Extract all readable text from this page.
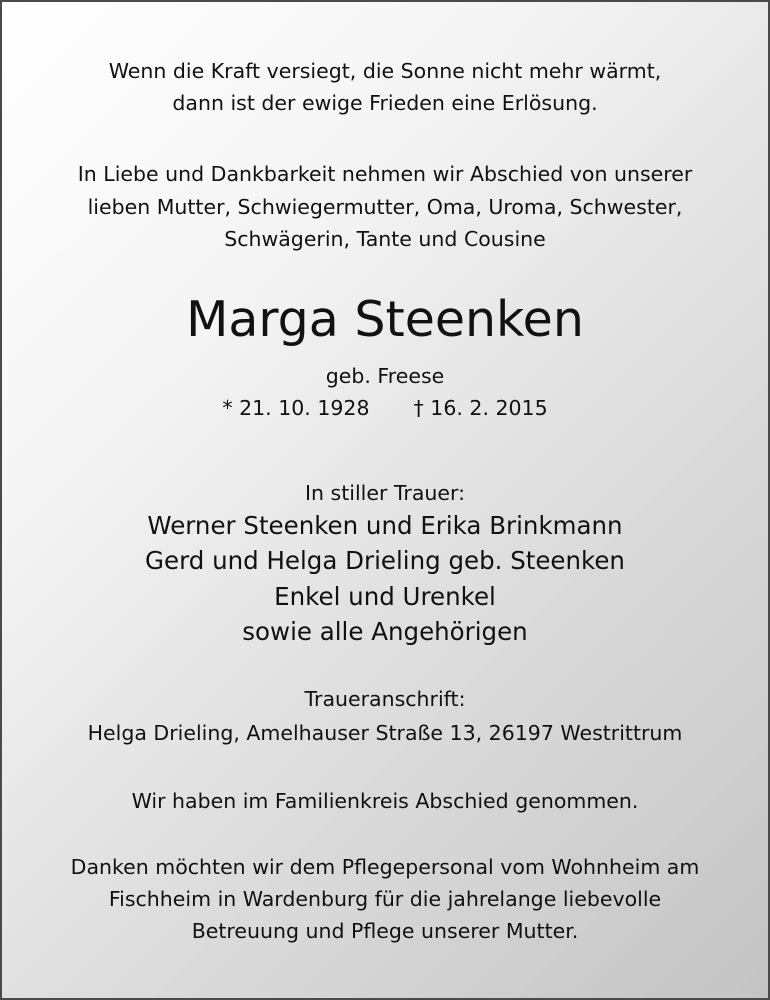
Wenn die Kraft versiegt, die Sonne nicht mehr wärmt,
dann ist der ewige Frieden eine Erlösung.
In Liebe und Dankbarkeit nehmen wir Abschied von unserer
lieben Mutter, Schwiegermutter, Oma, Uroma, Schwester,
Schwägerin, Tante und Cousine
Marga Steenken
geb. Freese
* 21. 10. 1928 † 16. 2. 2015
In stiller Trauer:
Werner Steenken und Erika Brinkmann
Gerd und Helga Drieling geb. Steenken
Enkel und Urenkel
sowie alle Angehörigen
Traueranschrift:
Helga Drieling, Amelhauser Straße 13, 26197 Westrittrum
Wir haben im Familienkreis Abschied genommen.
Danken möchten wir dem Pflegepersonal vom Wohnheim am
Fischheim in Wardenburg für die jahrelange liebevolle
Betreuung und Pflege unserer Mutter.
